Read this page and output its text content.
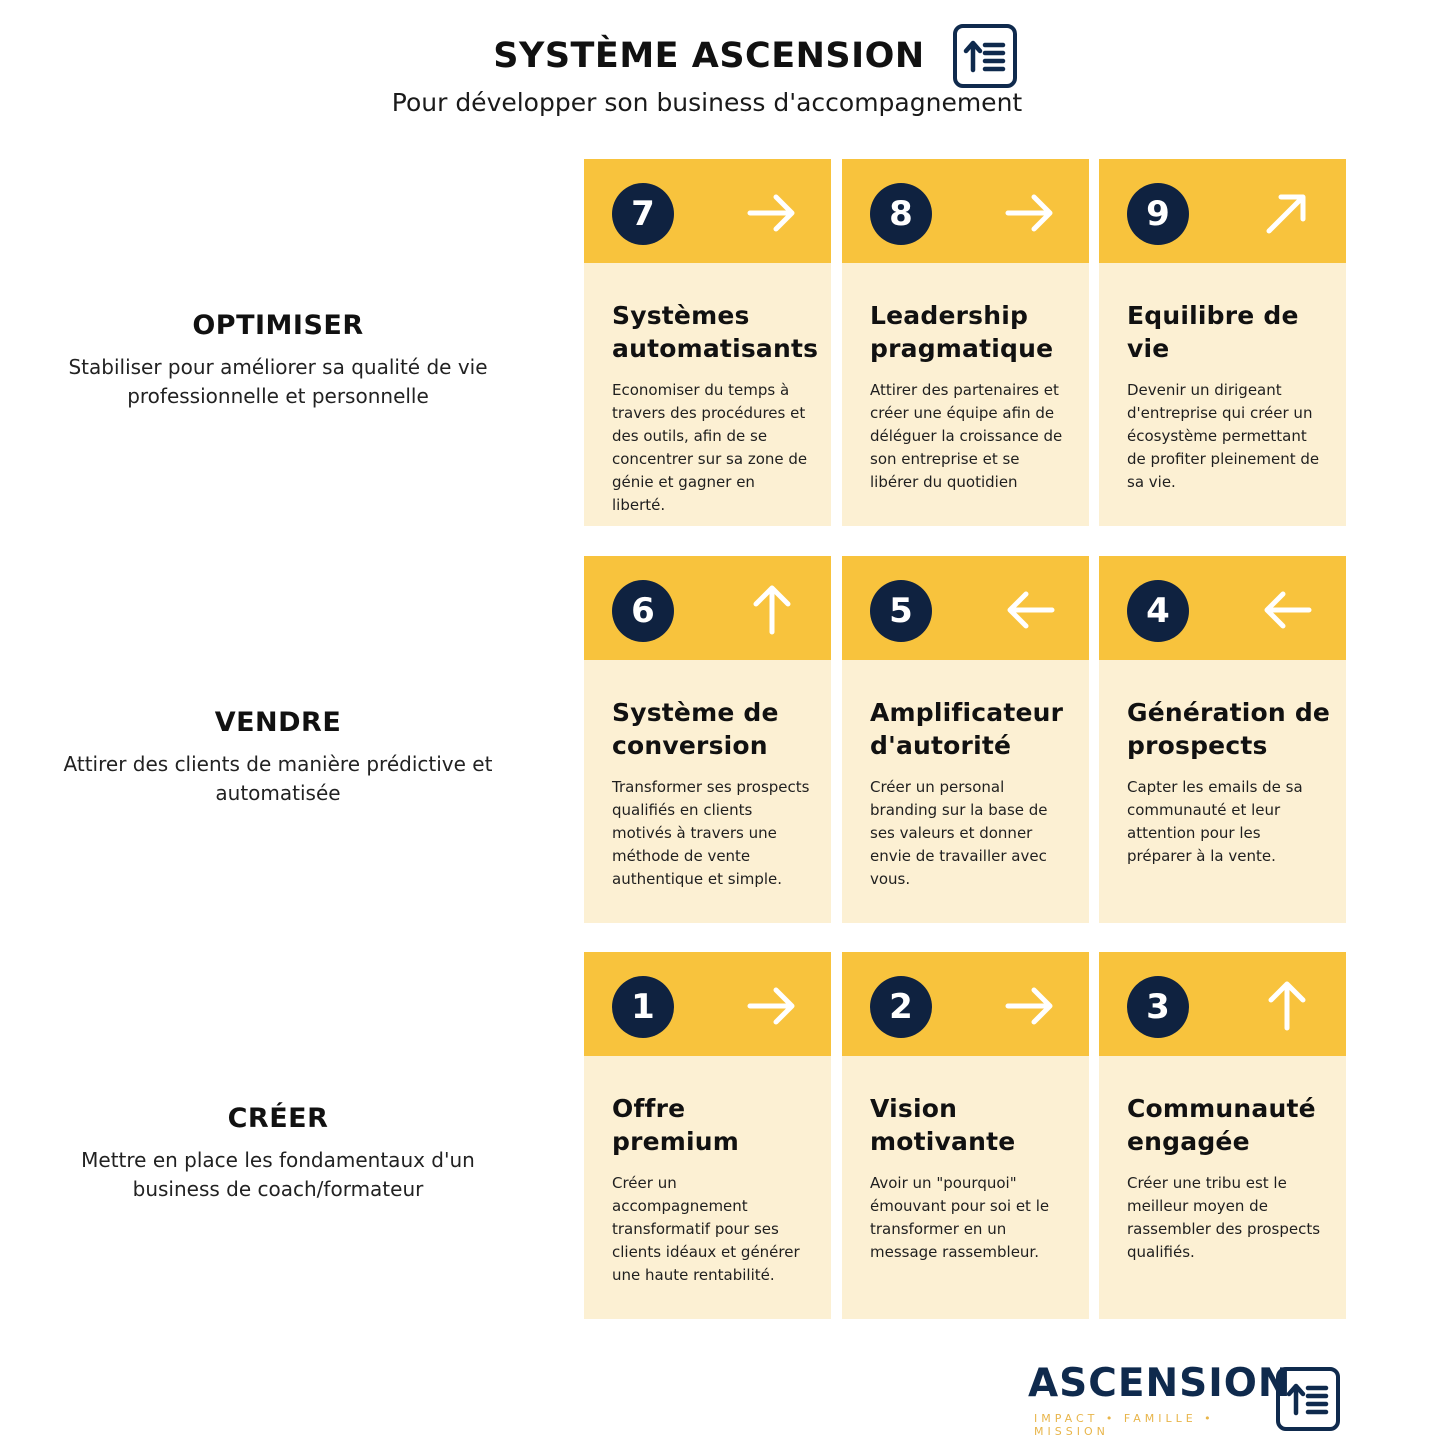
SYSTÈME ASCENSION
Pour développer son business d'accompagnement
OPTIMISER
Stabiliser pour améliorer sa qualité de vie professionnelle et personnelle
VENDRE
Attirer des clients de manière prédictive et automatisée
CRÉER
Mettre en place les fondamentaux d'un business de coach/formateur
7
Systèmes automatisants
Economiser du temps à travers des procédures et des outils, afin de se concentrer sur sa zone de génie et gagner en liberté.
8
Leadership pragmatique
Attirer des partenaires et créer une équipe afin de déléguer la croissance de son entreprise et se libérer du quotidien
9
Equilibre de vie
Devenir un dirigeant d'entreprise qui créer un écosystème permettant de profiter pleinement de sa vie.
6
Système de conversion
Transformer ses prospects qualifiés en clients motivés à travers une méthode de vente authentique et simple.
5
Amplificateur d'autorité
Créer un personal branding sur la base de ses valeurs et donner envie de travailler avec vous.
4
Génération de prospects
Capter les emails de sa communauté et leur attention pour les préparer à la vente.
1
Offre premium
Créer un accompagnement transformatif pour ses clients idéaux et générer une haute rentabilité.
2
Vision motivante
Avoir un "pourquoi" émouvant pour soi et le transformer en un message rassembleur.
3
Communauté engagée
Créer une tribu est le meilleur moyen de rassembler des prospects qualifiés.
ASCENSION
IMPACT • FAMILLE • MISSION
